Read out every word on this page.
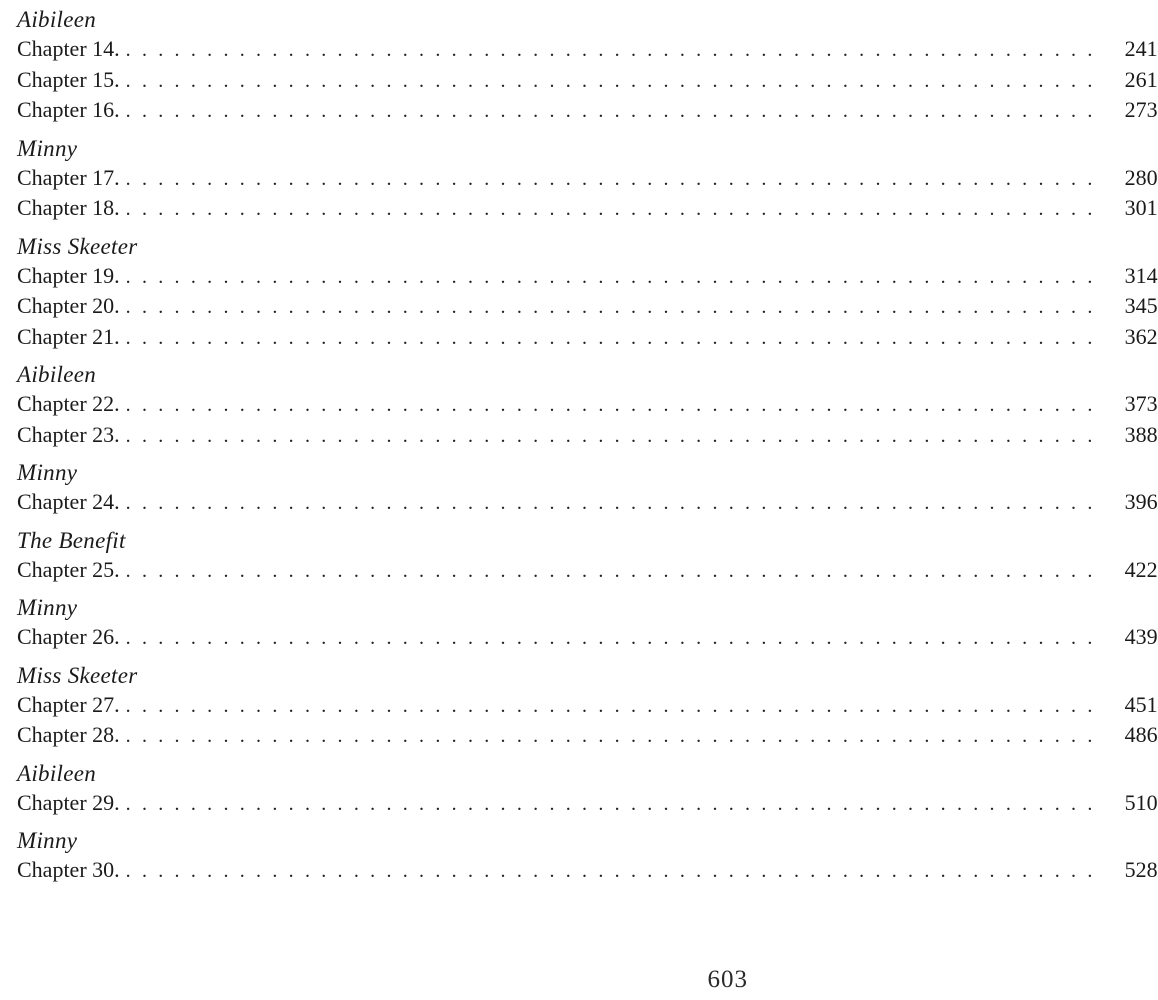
Aibileen
Chapter 14. ............................................................ 241
Chapter 15. ............................................................ 261
Chapter 16. ............................................................ 273
Minny
Chapter 17. ............................................................ 280
Chapter 18. ............................................................ 301
Miss Skeeter
Chapter 19. ............................................................ 314
Chapter 20. ............................................................ 345
Chapter 21. ............................................................ 362
Aibileen
Chapter 22. ............................................................ 373
Chapter 23. ............................................................ 388
Minny
Chapter 24. ............................................................ 396
The Benefit
Chapter 25. ............................................................ 422
Minny
Chapter 26. ............................................................ 439
Miss Skeeter
Chapter 27. ............................................................ 451
Chapter 28. ............................................................ 486
Aibileen
Chapter 29. ............................................................ 510
Minny
Chapter 30. ............................................................ 528
603
